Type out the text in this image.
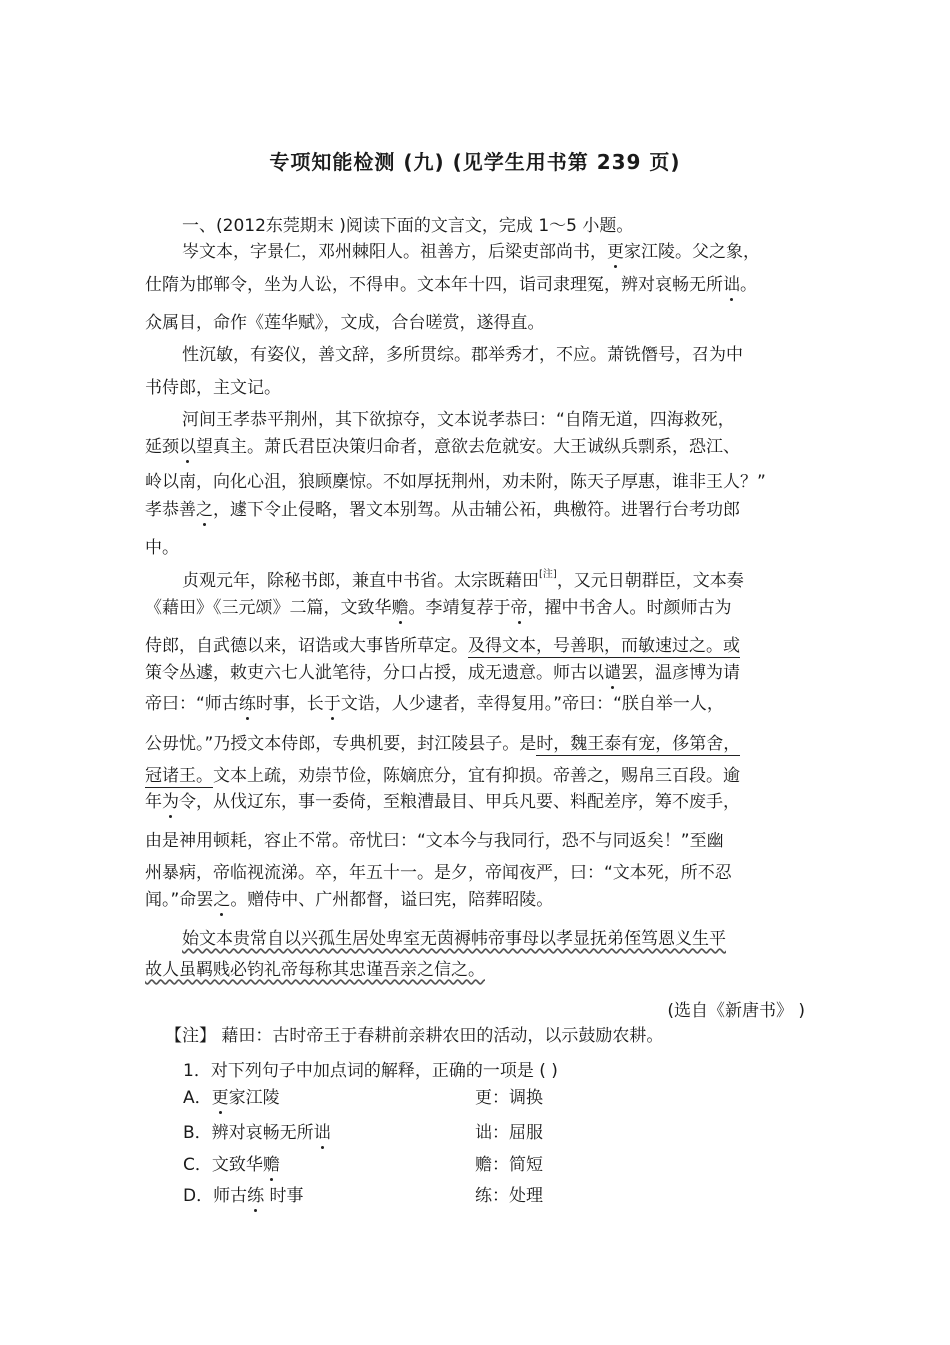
专项知能检测 (九) (见学生用书第 239 页)
一、(2012东莞期末 )阅读下面的文言文，完成 1～5 小题。
岑文本，字景仁，邓州棘阳人。祖善方，后梁吏部尚书，更家江陵。父之象，
仕隋为邯郸令，坐为人讼，不得申。文本年十四，诣司隶理冤，辨对哀畅无所诎。
众属目，命作《莲华赋》，文成，合台嗟赏，遂得直。
性沉敏，有姿仪，善文辞，多所贯综。郡举秀才，不应。萧铣僭号，召为中
书侍郎，主文记。
河间王孝恭平荆州，其下欲掠夺，文本说孝恭曰：“自隋无道，四海救死，
延颈以望真主。萧氏君臣决策归命者，意欲去危就安。大王诚纵兵剽系，恐江、
岭以南，向化心沮，狼顾麇惊。不如厚抚荆州，劝未附，陈天子厚惠，谁非王人？”
孝恭善之，遽下令止侵略，署文本别驾。从击辅公祏，典檄符。进署行台考功郎
中。
贞观元年，除秘书郎，兼直中书省。太宗既藉田[注]，又元日朝群臣，文本奏
《藉田》《三元颂》二篇，文致华赡。李靖复荐于帝，擢中书舍人。时颜师古为
侍郎，自武德以来，诏诰或大事皆所草定。及得文本，号善职，而敏速过之。或
策令丛遽，敕吏六七人泚笔待，分口占授，成无遗意。师古以谴罢，温彦博为请
帝曰：“师古练时事，长于文诰，人少逮者，幸得复用。”帝曰：“朕自举一人，
公毋忧。”乃授文本侍郎，专典机要，封江陵县子。是时，魏王泰有宠，侈第舍，
冠诸王。文本上疏，劝崇节俭，陈嫡庶分，宜有抑损。帝善之，赐帛三百段。逾
年为令，从伐辽东，事一委倚，至粮漕最目、甲兵凡要、料配差序，筹不废手，
由是神用顿耗，容止不常。帝忧曰：“文本今与我同行，恐不与同返矣！”至幽
州暴病，帝临视流涕。卒，年五十一。是夕，帝闻夜严，曰：“文本死，所不忍
闻。”命罢之。赠侍中、广州都督，谥曰宪，陪葬昭陵。
始文本贵常自以兴孤生居处卑室无茵褥帏帝事母以孝显抚弟侄笃恩义生平
故人虽羁贱必钧礼帝每称其忠谨吾亲之信之。
(选自《新唐书》 )
【注】 藉田：古时帝王于春耕前亲耕农田的活动，以示鼓励农耕。
1．对下列句子中加点词的解释，正确的一项是 ( )
A．更家江陵	更：调换
B．辨对哀畅无所诎	诎：屈服
C．文致华赡	赡：简短
D．师古练 时事	练：处理
